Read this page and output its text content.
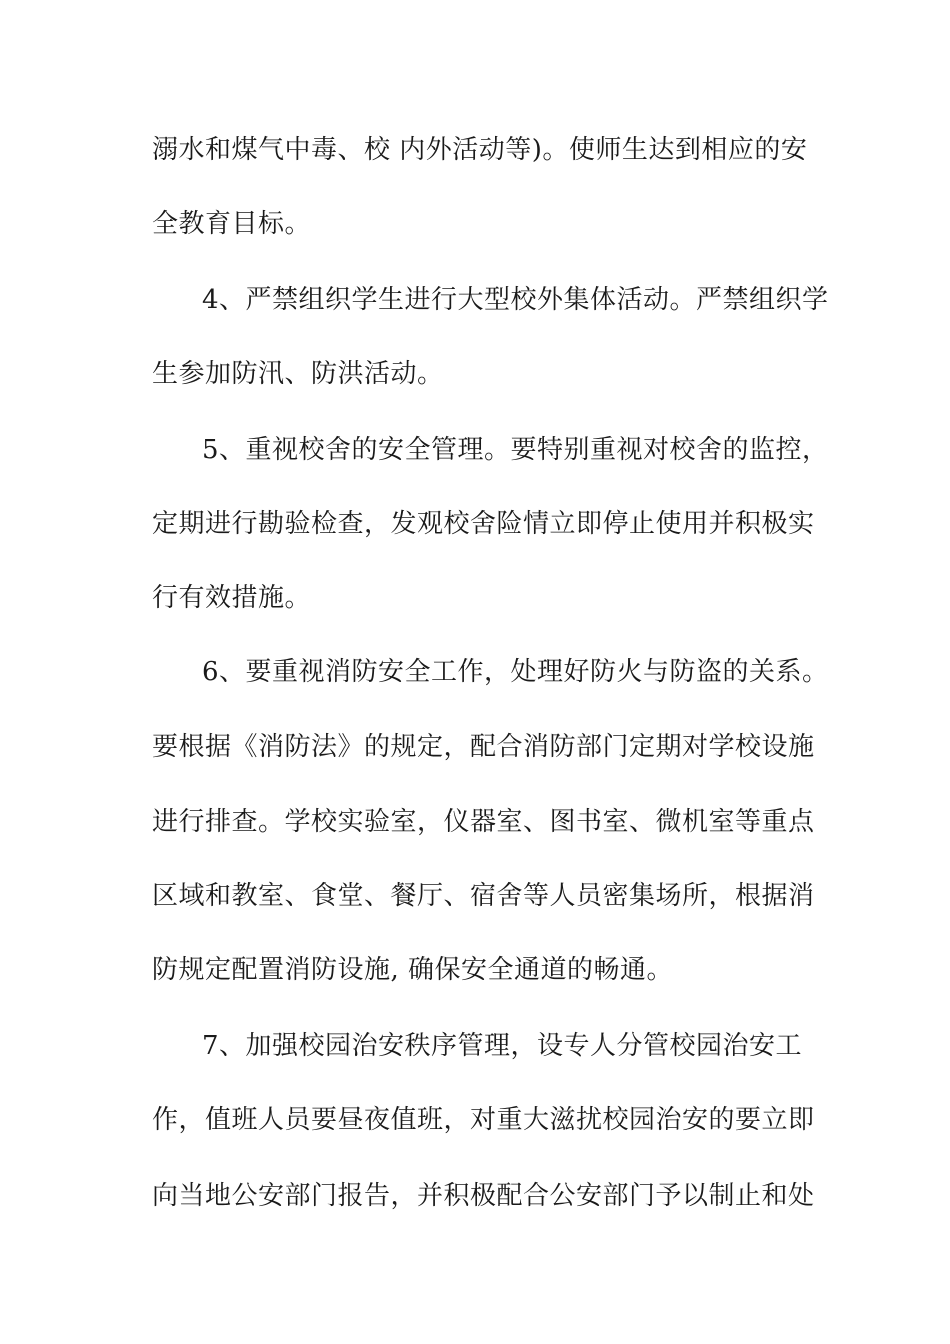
溺水和煤气中毒、校 内外活动等)。使师生达到相应的安

全教育目标。

4、严禁组织学生进行大型校外集体活动。严禁组织学

生参加防汛、防洪活动。

5、重视校舍的安全管理。要特别重视对校舍的监控，

定期进行勘验检查，发观校舍险情立即停止使用并积极实

行有效措施。

6、要重视消防安全工作，处理好防火与防盗的关系。

要根据《消防法》的规定，配合消防部门定期对学校设施

进行排查。学校实验室，仪器室、图书室、微机室等重点

区域和教室、食堂、餐厅、宿舍等人员密集场所，根据消

防规定配置消防设施, 确保安全通道的畅通。

7、加强校园治安秩序管理，设专人分管校园治安工

作，值班人员要昼夜值班，对重大滋扰校园治安的要立即

向当地公安部门报告，并积极配合公安部门予以制止和处
